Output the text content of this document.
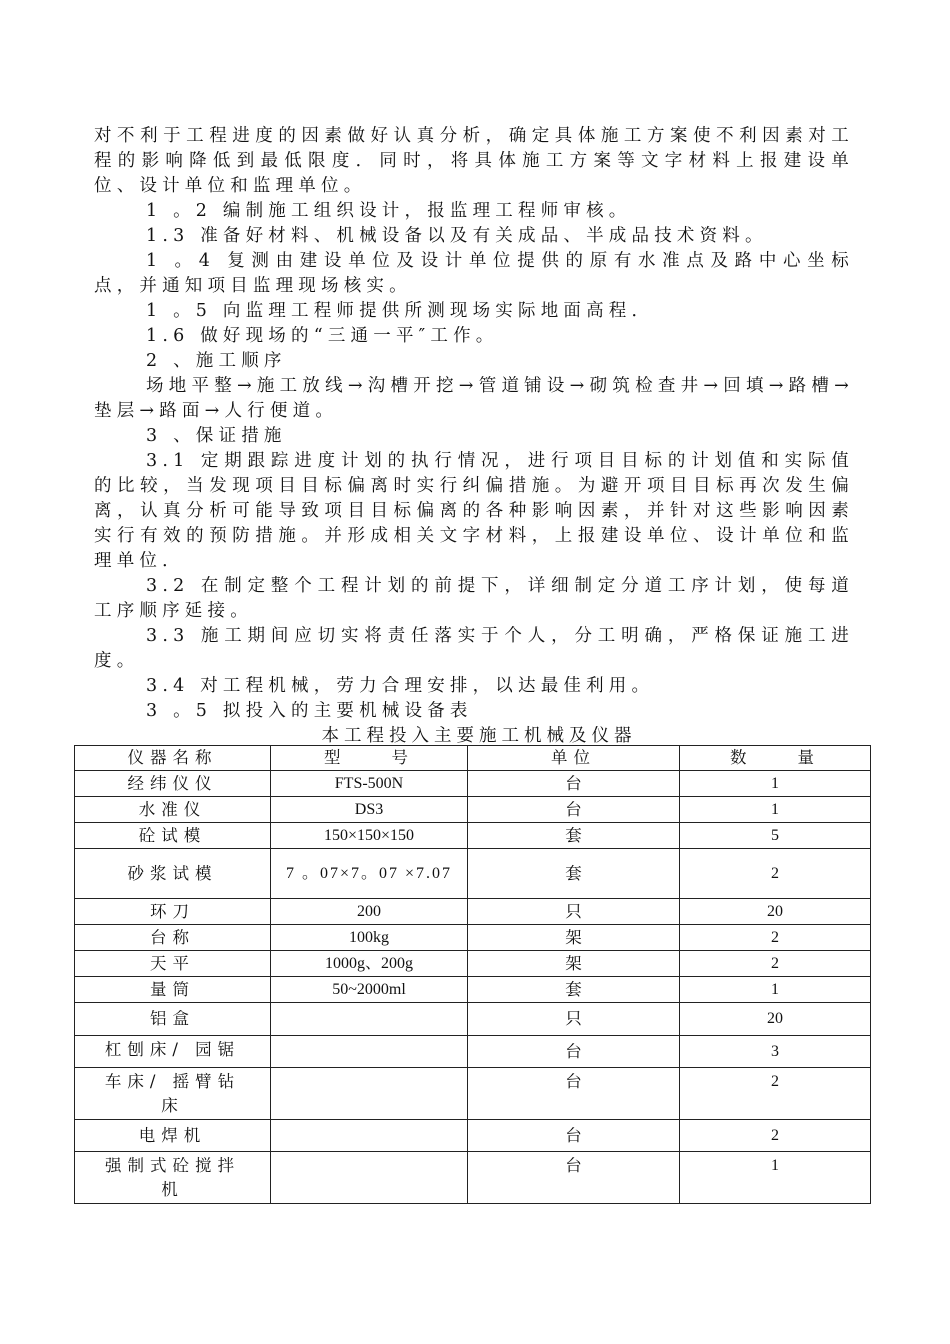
对不利于工程进度的因素做好认真分析，确定具体施工方案使不利因素对工程的影响降低到最低限度．同时，将具体施工方案等文字材料上报建设单位、设计单位和监理单位。

1 。2 编制施工组织设计，报监理工程师审核。

1.3 准备好材料、机械设备以及有关成品、半成品技术资料。

1 。4 复测由建设单位及设计单位提供的原有水准点及路中心坐标点，并通知项目监理现场核实。

1 。5 向监理工程师提供所测现场实际地面高程．

1.6 做好现场的“三通一平″工作。

2 、施工顺序

场地平整→施工放线→沟槽开挖→管道铺设→砌筑检查井→回填→路槽→垫层→路面→人行便道。

3 、保证措施

3.1 定期跟踪进度计划的执行情况，进行项目目标的计划值和实际值的比较，当发现项目目标偏离时实行纠偏措施。为避开项目目标再次发生偏离，认真分析可能导致项目目标偏离的各种影响因素，并针对这些影响因素实行有效的预防措施。并形成相关文字材料，上报建设单位、设计单位和监理单位．

3.2 在制定整个工程计划的前提下，详细制定分道工序计划，使每道工序顺序延接。

3.3 施工期间应切实将责任落实于个人，分工明确，严格保证施工进度。

3.4 对工程机械，劳力合理安排，以达最佳利用。

3 。5 拟投入的主要机械设备表

本工程投入主要施工机械及仪器

仪器名称	型    号	单位	数    量
经纬仪仪	FTS-500N	台	1
水准仪	DS3	台	1
砼试模	150×150×150	套	5
砂浆试模	7 。07×7。07 ×7.07	套	2
环刀	200	只	20
台称	100kg	架	2
天平	1000g、200g	架	2
量筒	50~2000ml	套	1
铝盒		只	20
杠刨床/ 园锯		台	3
车床/ 摇臂钻床		台	2
电焊机		台	2
强制式砼搅拌机		台	1
